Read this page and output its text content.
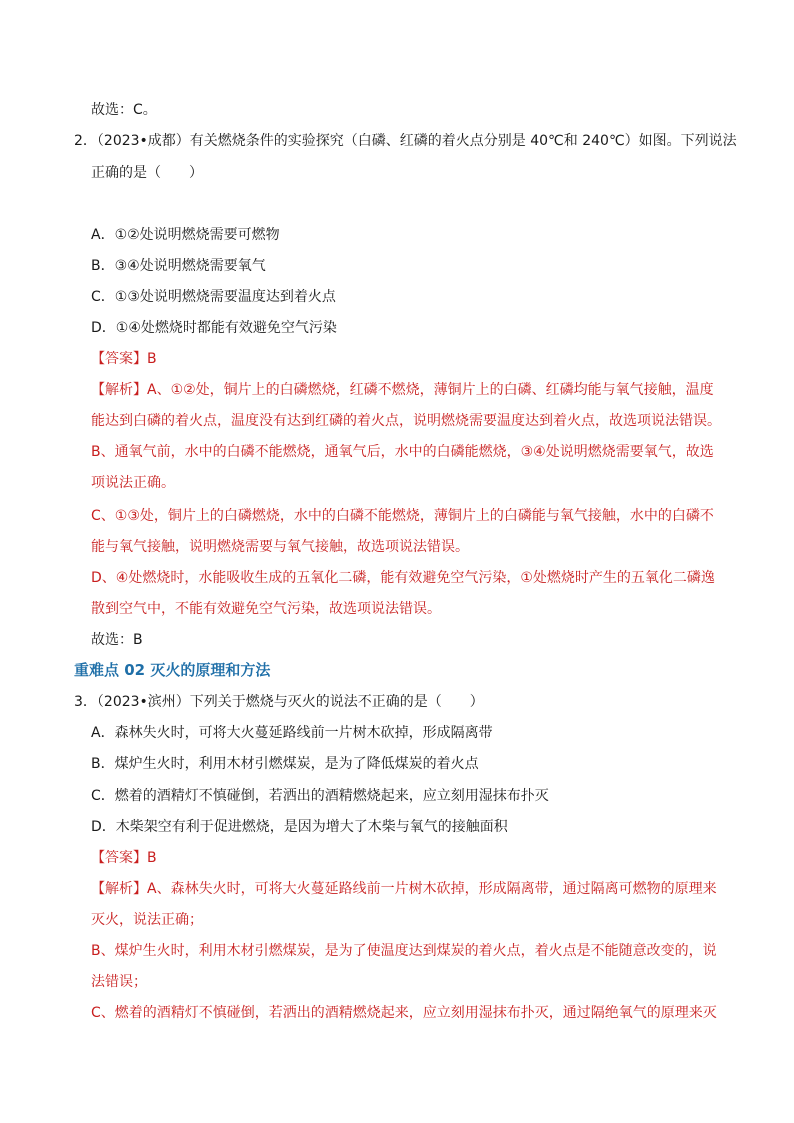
故选：C。
2．（2023•成都）有关燃烧条件的实验探究（白磷、红磷的着火点分别是 40℃和 240℃）如图。下列说法
正确的是（　　）
A．①②处说明燃烧需要可燃物
B．③④处说明燃烧需要氧气
C．①③处说明燃烧需要温度达到着火点
D．①④处燃烧时都能有效避免空气污染
【答案】B
【解析】A、①②处，铜片上的白磷燃烧，红磷不燃烧，薄铜片上的白磷、红磷均能与氧气接触，温度
能达到白磷的着火点，温度没有达到红磷的着火点，说明燃烧需要温度达到着火点，故选项说法错误。
B、通氧气前，水中的白磷不能燃烧，通氧气后，水中的白磷能燃烧，③④处说明燃烧需要氧气，故选
项说法正确。
C、①③处，铜片上的白磷燃烧，水中的白磷不能燃烧，薄铜片上的白磷能与氧气接触，水中的白磷不
能与氧气接触，说明燃烧需要与氧气接触，故选项说法错误。
D、④处燃烧时，水能吸收生成的五氧化二磷，能有效避免空气污染，①处燃烧时产生的五氧化二磷逸
散到空气中，不能有效避免空气污染，故选项说法错误。
故选：B
重难点 02 灭火的原理和方法
3．（2023•滨州）下列关于燃烧与灭火的说法不正确的是（　　）
A．森林失火时，可将大火蔓延路线前一片树木砍掉，形成隔离带
B．煤炉生火时，利用木材引燃煤炭，是为了降低煤炭的着火点
C．燃着的酒精灯不慎碰倒，若洒出的酒精燃烧起来，应立刻用湿抹布扑灭
D．木柴架空有利于促进燃烧，是因为增大了木柴与氧气的接触面积
【答案】B
【解析】A、森林失火时，可将大火蔓延路线前一片树木砍掉，形成隔离带，通过隔离可燃物的原理来
灭火，说法正确；
B、煤炉生火时，利用木材引燃煤炭，是为了使温度达到煤炭的着火点，着火点是不能随意改变的，说
法错误；
C、燃着的酒精灯不慎碰倒，若洒出的酒精燃烧起来，应立刻用湿抹布扑灭，通过隔绝氧气的原理来灭
